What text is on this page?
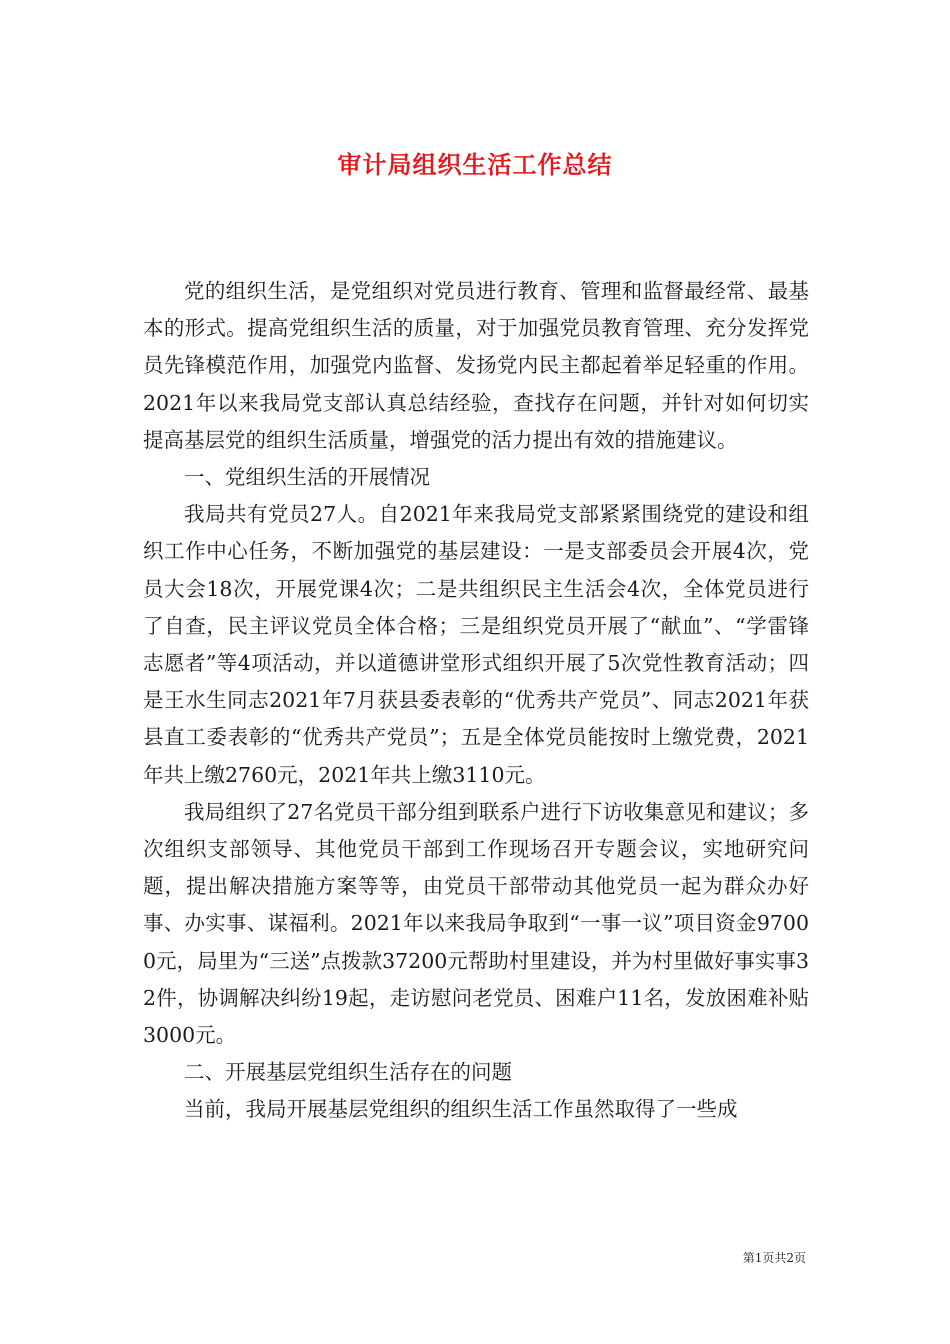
审计局组织生活工作总结

党的组织生活，是党组织对党员进行教育、管理和监督最经常、最基本的形式。提高党组织生活的质量，对于加强党员教育管理、充分发挥党员先锋模范作用，加强党内监督、发扬党内民主都起着举足轻重的作用。2021年以来我局党支部认真总结经验，查找存在问题，并针对如何切实提高基层党的组织生活质量，增强党的活力提出有效的措施建议。

一、党组织生活的开展情况

我局共有党员27人。自2021年来我局党支部紧紧围绕党的建设和组织工作中心任务，不断加强党的基层建设：一是支部委员会开展4次，党员大会18次，开展党课4次；二是共组织民主生活会4次，全体党员进行了自查，民主评议党员全体合格；三是组织党员开展了“献血”、“学雷锋志愿者”等4项活动，并以道德讲堂形式组织开展了5次党性教育活动；四是王水生同志2021年7月获县委表彰的“优秀共产党员”、同志2021年获县直工委表彰的“优秀共产党员”；五是全体党员能按时上缴党费，2021年共上缴2760元，2021年共上缴3110元。

我局组织了27名党员干部分组到联系户进行下访收集意见和建议；多次组织支部领导、其他党员干部到工作现场召开专题会议，实地研究问题，提出解决措施方案等等，由党员干部带动其他党员一起为群众办好事、办实事、谋福利。2021年以来我局争取到“一事一议”项目资金97000元，局里为“三送”点拨款37200元帮助村里建设，并为村里做好事实事32件，协调解决纠纷19起，走访慰问老党员、困难户11名，发放困难补贴3000元。

二、开展基层党组织生活存在的问题

当前，我局开展基层党组织的组织生活工作虽然取得了一些成

第1页共2页
